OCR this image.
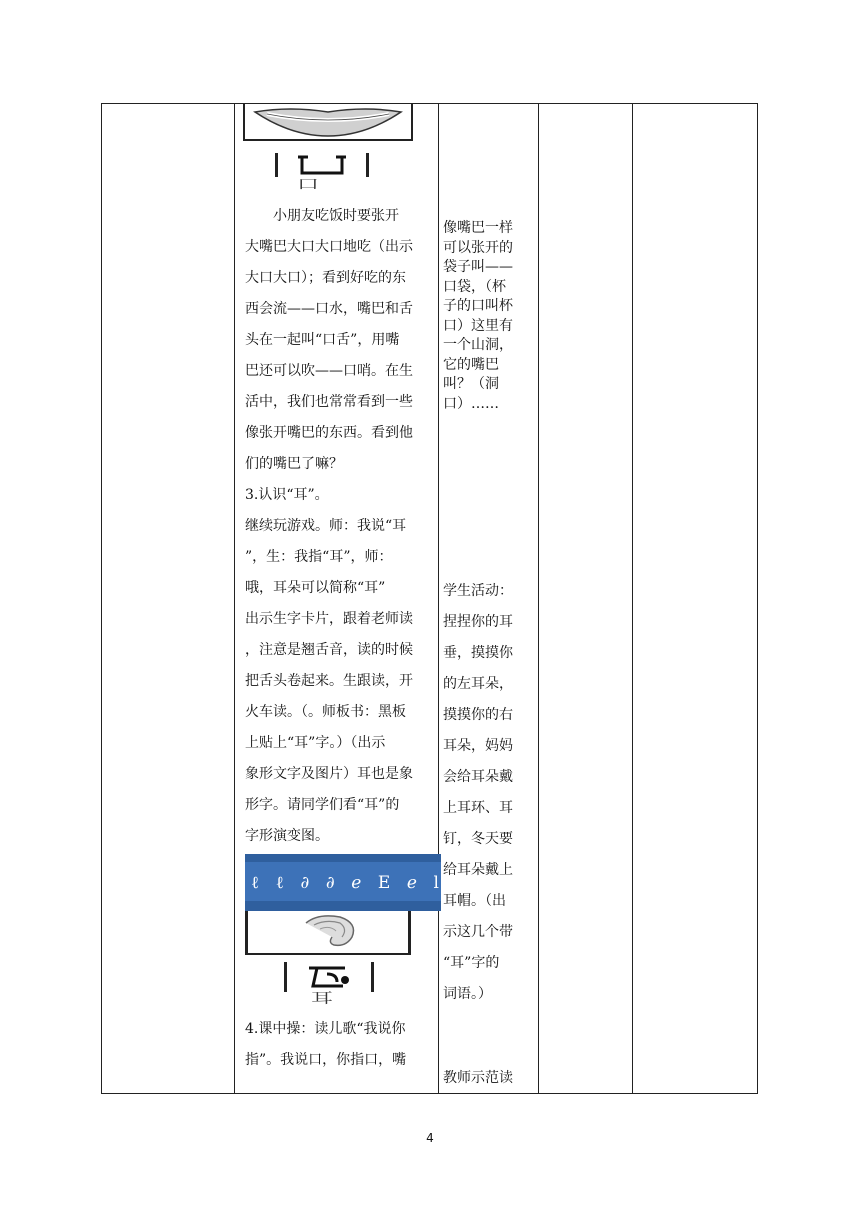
口

　　小朋友吃饭时要张开

大嘴巴大口大口地吃（出示

大口大口）；看到好吃的东

西会流——口水，嘴巴和舌

头在一起叫“口舌”，用嘴

巴还可以吹——口哨。在生

活中，我们也常常看到一些

像张开嘴巴的东西。看到他

们的嘴巴了嘛？

3.认识“耳”。

继续玩游戏。师：我说“耳

”，生：我指“耳”，师：

哦，耳朵可以简称“耳”

出示生字卡片，跟着老师读

，注意是翘舌音，读的时候

把舌头卷起来。生跟读，开

火车读。（。师板书：黑板

上贴上“耳”字。）（出示

象形文字及图片）耳也是象

形字。请同学们看“耳”的

字形演变图。

ℓ ℓ ∂ ∂ ℯ E ℯ l
耳

4.课中操：读儿歌“我说你

指”。我说口，你指口，嘴

像嘴巴一样

可以张开的

袋子叫——

口袋，（杯

子的口叫杯

口）这里有

一个山洞，

它的嘴巴

叫？（洞

口）……

学生活动：

捏捏你的耳

垂，摸摸你

的左耳朵，

摸摸你的右

耳朵，妈妈

会给耳朵戴

上耳环、耳

钉，冬天要

给耳朵戴上

耳帽。（出

示这几个带

“耳”字的

词语。）

教师示范读

4
